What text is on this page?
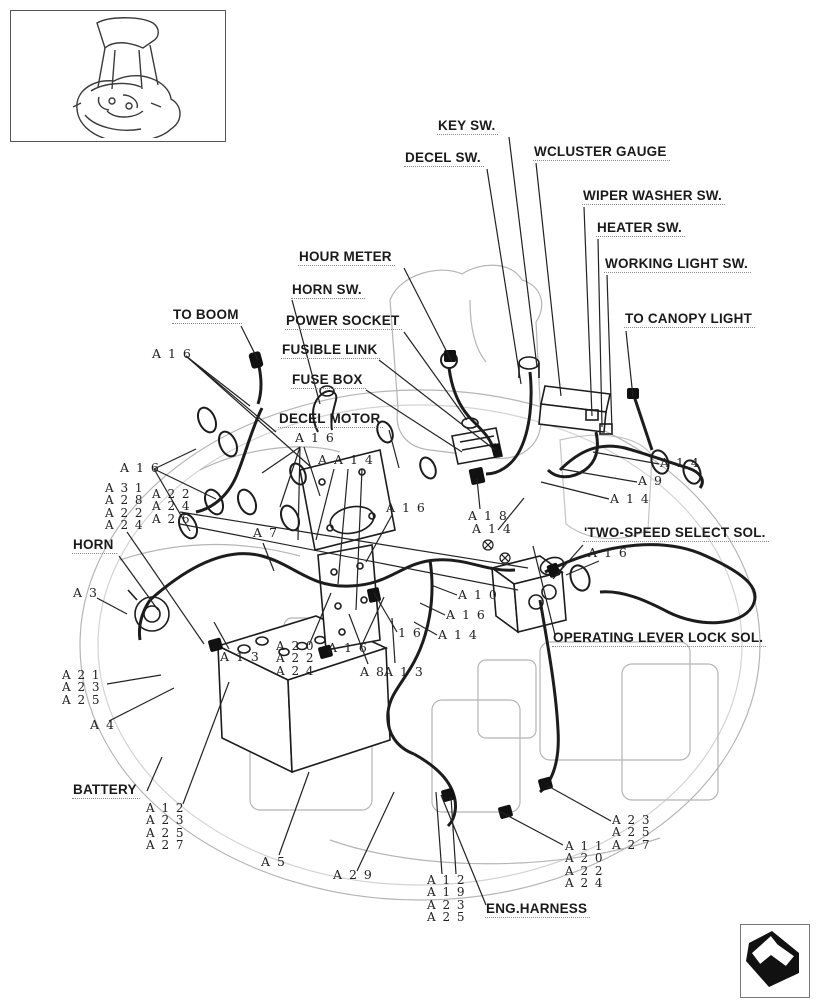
KEY SW.
DECEL SW.	WCLUSTER GAUGE
WIPER WASHER SW.
HEATER SW.
WORKING LIGHT SW.
TO CANOPY LIGHT
HOUR METER
HORN SW.
POWER SOCKET
FUSIBLE LINK
FUSE BOX
DECEL MOTOR
TO BOOM
HORN
'TWO-SPEED SELECT SOL.
OPERATING LEVER LOCK SOL.
BATTERY
ENG.HARNESS
A 1 6
A 1 6
A 1 6
A A 1 4
A 1 6
A 1 8
A 1 4
A 1 4
A 9
A 1 4
A 1 6
A 1 0
A 1 6
A 1 4
A 1 6
1 6
A 8
A 1 3
A 7
A 3
A 1 3
A 4
A 5
A 2 9
A 3 1
A 2 8
A 2 2
A 2 4
A 2 2
A 2 4
A 2 6
A 2 1
A 2 3
A 2 5
A 2 0
A 2 2
A 2 4
A 1 2
A 2 3
A 2 5
A 2 7
A 1 2
A 1 9
A 2 3
A 2 5
A 2 3
A 2 5
A 2 7
A 1 1
A 2 0
A 2 2
A 2 4
